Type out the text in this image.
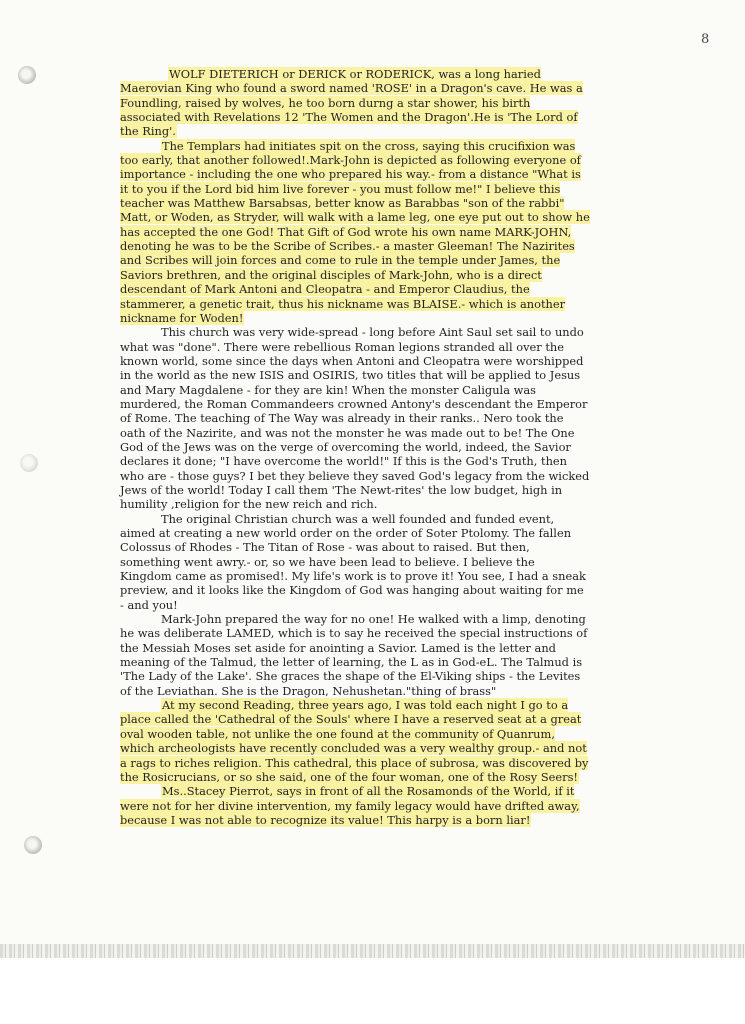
8

WOLF DIETERICH or DERICK or RODERICK, was a long haried Maerovian King who found a sword named 'ROSE' in a Dragon's cave. He was a Foundling, raised by wolves, he too born durng a star shower, his birth associated with Revelations 12 'The Women and the Dragon'.He is 'The Lord of the Ring'.

The Templars had initiates spit on the cross, saying this crucifixion was too early, that another followed!.Mark-John is depicted as following everyone of importance - including the one who prepared his way.- from a distance "What is it to you if the Lord bid him live forever - you must follow me!" I believe this teacher was Matthew Barsabsas, better know as Barabbas "son of the rabbi" Matt, or Woden, as Stryder, will walk with a lame leg, one eye put out to show he has accepted the one God! That Gift of God wrote his own name MARK-JOHN, denoting he was to be the Scribe of Scribes.- a master Gleeman! The Nazirites and Scribes will join forces and come to rule in the temple under James, the Saviors brethren, and the original disciples of Mark-John, who is a direct descendant of Mark Antoni and Cleopatra - and Emperor Claudius, the stammerer, a genetic trait, thus his nickname was BLAISE.- which is another nickname for Woden!

This church was very wide-spread - long before Aint Saul set sail to undo what was "done". There were rebellious Roman legions stranded all over the known world, some since the days when Antoni and Cleopatra were worshipped in the world as the new ISIS and OSIRIS, two titles that will be applied to Jesus and Mary Magdalene - for they are kin! When the monster Caligula was murdered, the Roman Commandeers crowned Antony's descendant the Emperor of Rome. The teaching of The Way was already in their ranks.. Nero took the oath of the Nazirite, and was not the monster he was made out to be! The One God of the Jews was on the verge of overcoming the world, indeed, the Savior declares it done; "I have overcome the world!" If this is the God's Truth, then who are - those guys? I bet they believe they saved God's legacy from the wicked Jews of the world! Today I call them 'The Newt-rites' the low budget, high in humility ,religion for the new reich and rich.

The original Christian church was a well founded and funded event, aimed at creating a new world order on the order of Soter Ptolomy. The fallen Colossus of Rhodes - The Titan of Rose - was about to raised. But then, something went awry.- or, so we have been lead to believe. I believe the Kingdom came as promised!. My life's work is to prove it! You see, I had a sneak preview, and it looks like the Kingdom of God was hanging about waiting for me - and you!

Mark-John prepared the way for no one! He walked with a limp, denoting he was deliberate LAMED, which is to say he received the special instructions of the Messiah Moses set aside for anointing a Savior. Lamed is the letter and meaning of the Talmud, the letter of learning, the L as in God-eL. The Talmud is 'The Lady of the Lake'. She graces the shape of the El-Viking ships - the Levites of the Leviathan. She is the Dragon, Nehushetan."thing of brass"

At my second Reading, three years ago, I was told each night I go to a place called the 'Cathedral of the Souls' where I have a reserved seat at a great oval wooden table, not unlike the one found at the community of Quanrum, which archeologists have recently concluded was a very wealthy group.- and not a rags to riches religion. This cathedral, this place of subrosa, was discovered by the Rosicrucians, or so she said, one of the four woman, one of the Rosy Seers!

Ms..Stacey Pierrot, says in front of all the Rosamonds of the World, if it were not for her divine intervention, my family legacy would have drifted away, because I was not able to recognize its value! This harpy is a born liar!
